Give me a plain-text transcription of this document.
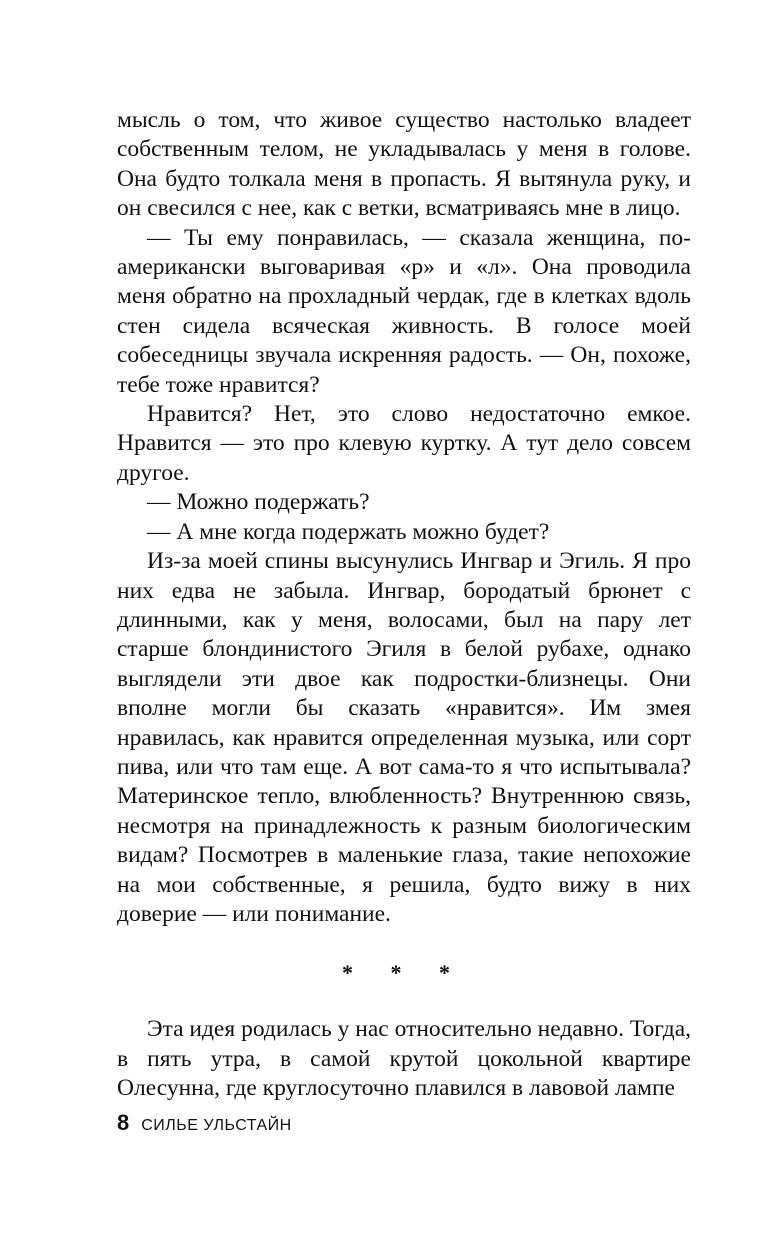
мысль о том, что живое существо настолько владеет собственным телом, не укладывалась у меня в голове. Она будто толкала меня в пропасть. Я вытянула руку, и он свесился с нее, как с ветки, всматриваясь мне в лицо.

— Ты ему понравилась, — сказала женщина, по-американски выговаривая «р» и «л». Она проводила меня обратно на прохладный чердак, где в клетках вдоль стен сидела всяческая живность. В голосе моей собеседницы звучала искренняя радость. — Он, похоже, тебе тоже нравится?

Нравится? Нет, это слово недостаточно емкое. Нравится — это про клевую куртку. А тут дело совсем другое.

— Можно подержать?

— А мне когда подержать можно будет?

Из-за моей спины высунулись Ингвар и Эгиль. Я про них едва не забыла. Ингвар, бородатый брюнет с длинными, как у меня, волосами, был на пару лет старше блондинистого Эгиля в белой рубахе, однако выглядели эти двое как подростки-близнецы. Они вполне могли бы сказать «нравится». Им змея нравилась, как нравится определенная музыка, или сорт пива, или что там еще. А вот сама-то я что испытывала? Материнское тепло, влюбленность? Внутреннюю связь, несмотря на принадлежность к разным биологическим видам? Посмотрев в маленькие глаза, такие непохожие на мои собственные, я решила, будто вижу в них доверие — или понимание.

* * *

Эта идея родилась у нас относительно недавно. Тогда, в пять утра, в самой крутой цокольной квартире Олесунна, где круглосуточно плавился в лавовой лампе

8 СИЛЬЕ УЛЬСТАЙН
